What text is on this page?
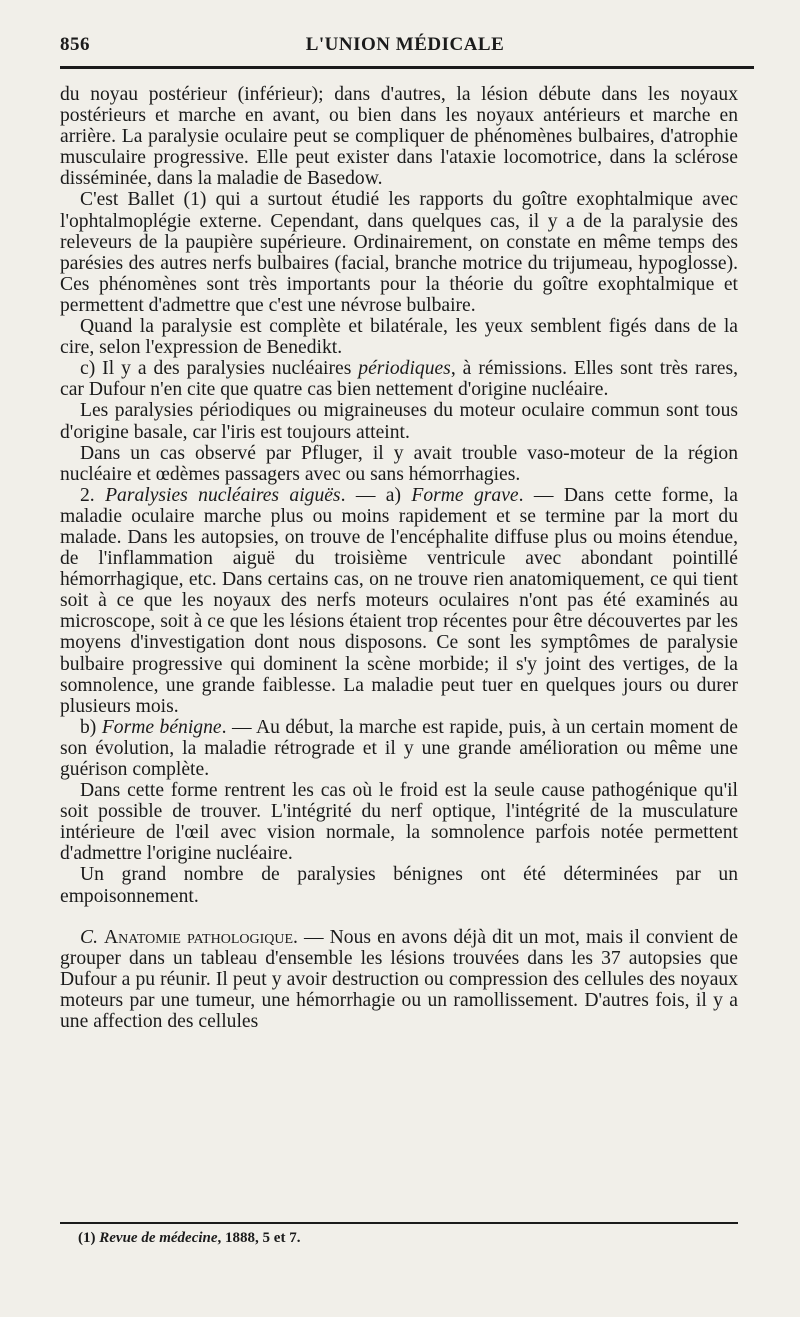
856	L'UNION MÉDICALE

du noyau postérieur (inférieur); dans d'autres, la lésion débute dans les noyaux postérieurs et marche en avant, ou bien dans les noyaux antérieurs et marche en arrière. La paralysie oculaire peut se compliquer de phénomènes bulbaires, d'atrophie musculaire progressive. Elle peut exister dans l'ataxie locomotrice, dans la sclérose disséminée, dans la maladie de Basedow.

C'est Ballet (1) qui a surtout étudié les rapports du goître exophtalmique avec l'ophtalmoplégie externe. Cependant, dans quelques cas, il y a de la paralysie des releveurs de la paupière supérieure. Ordinairement, on constate en même temps des parésies des autres nerfs bulbaires (facial, branche motrice du trijumeau, hypoglosse). Ces phénomènes sont très importants pour la théorie du goître exophtalmique et permettent d'admettre que c'est une névrose bulbaire.

Quand la paralysie est complète et bilatérale, les yeux semblent figés dans de la cire, selon l'expression de Benedikt.

c) Il y a des paralysies nucléaires périodiques, à rémissions. Elles sont très rares, car Dufour n'en cite que quatre cas bien nettement d'origine nucléaire.

Les paralysies périodiques ou migraineuses du moteur oculaire commun sont tous d'origine basale, car l'iris est toujours atteint.

Dans un cas observé par Pfluger, il y avait trouble vaso-moteur de la région nucléaire et œdèmes passagers avec ou sans hémorrhagies.

2. Paralysies nucléaires aiguës. — a) Forme grave. — Dans cette forme, la maladie oculaire marche plus ou moins rapidement et se termine par la mort du malade. Dans les autopsies, on trouve de l'encéphalite diffuse plus ou moins étendue, de l'inflammation aiguë du troisième ventricule avec abondant pointillé hémorrhagique, etc. Dans certains cas, on ne trouve rien anatomiquement, ce qui tient soit à ce que les noyaux des nerfs moteurs oculaires n'ont pas été examinés au microscope, soit à ce que les lésions étaient trop récentes pour être découvertes par les moyens d'investigation dont nous disposons. Ce sont les symptômes de paralysie bulbaire progressive qui dominent la scène morbide; il s'y joint des vertiges, de la somnolence, une grande faiblesse. La maladie peut tuer en quelques jours ou durer plusieurs mois.

b) Forme bénigne. — Au début, la marche est rapide, puis, à un certain moment de son évolution, la maladie rétrograde et il y une grande amélioration ou même une guérison complète.

Dans cette forme rentrent les cas où le froid est la seule cause pathogénique qu'il soit possible de trouver. L'intégrité du nerf optique, l'intégrité de la musculature intérieure de l'œil avec vision normale, la somnolence parfois notée permettent d'admettre l'origine nucléaire.

Un grand nombre de paralysies bénignes ont été déterminées par un empoisonnement.

C. Anatomie pathologique. — Nous en avons déjà dit un mot, mais il convient de grouper dans un tableau d'ensemble les lésions trouvées dans les 37 autopsies que Dufour a pu réunir. Il peut y avoir destruction ou compression des cellules des noyaux moteurs par une tumeur, une hémorrhagie ou un ramollissement. D'autres fois, il y a une affection des cellules

(1) Revue de médecine, 1888, 5 et 7.
